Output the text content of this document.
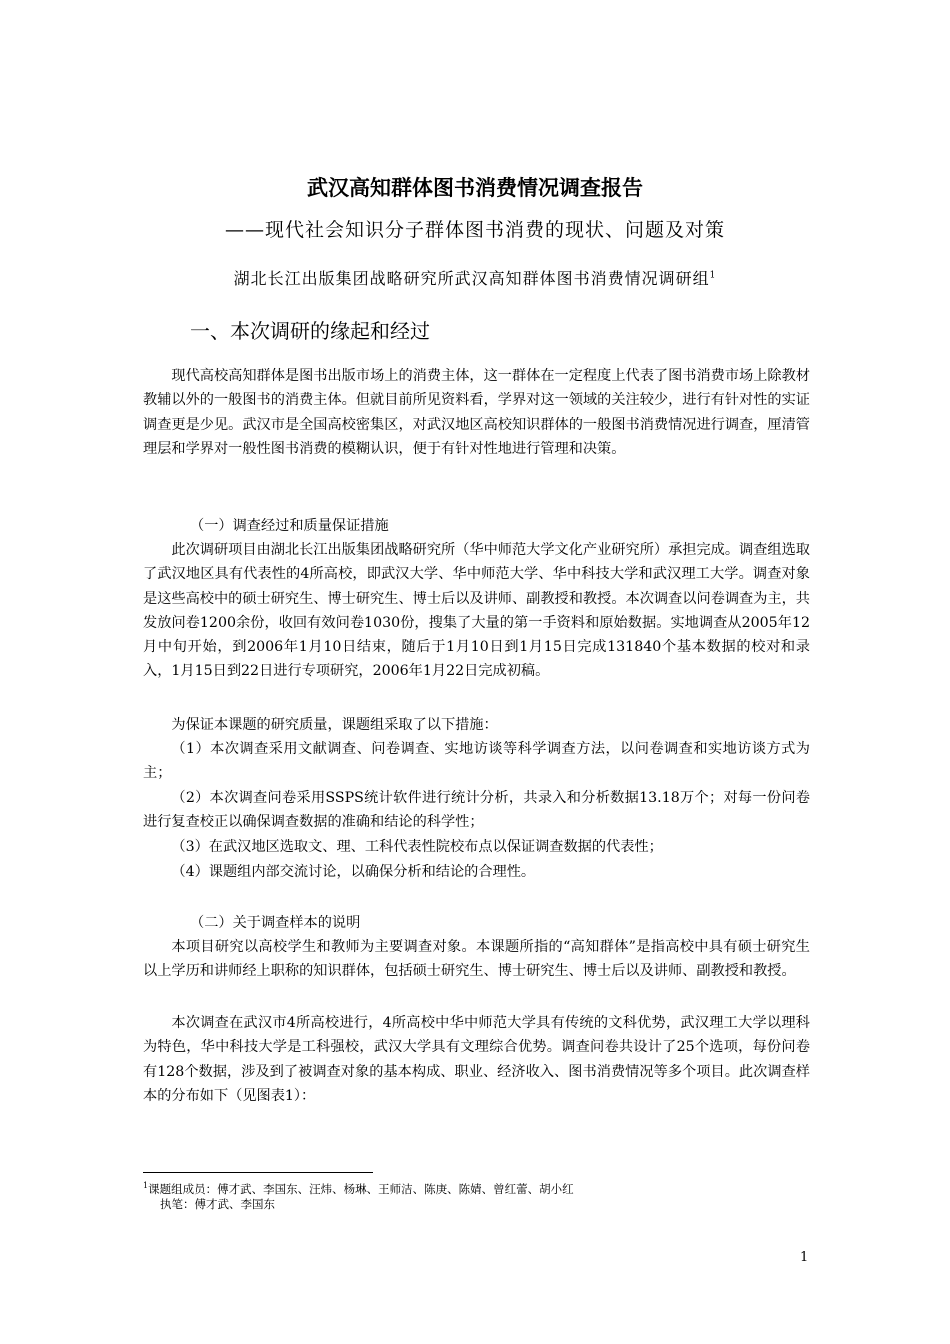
武汉高知群体图书消费情况调查报告
——现代社会知识分子群体图书消费的现状、问题及对策
湖北长江出版集团战略研究所武汉高知群体图书消费情况调研组$^1$
一、本次调研的缘起和经过
现代高校高知群体是图书出版市场上的消费主体，这一群体在一定程度上代表了图书消费市场上除教材教辅以外的一般图书的消费主体。但就目前所见资料看，学界对这一领域的关注较少，进行有针对性的实证调查更是少见。武汉市是全国高校密集区，对武汉地区高校知识群体的一般图书消费情况进行调查，厘清管理层和学界对一般性图书消费的模糊认识，便于有针对性地进行管理和决策。
（一）调查经过和质量保证措施
此次调研项目由湖北长江出版集团战略研究所（华中师范大学文化产业研究所）承担完成。调查组选取了武汉地区具有代表性的4所高校，即武汉大学、华中师范大学、华中科技大学和武汉理工大学。调查对象是这些高校中的硕士研究生、博士研究生、博士后以及讲师、副教授和教授。本次调查以问卷调查为主，共发放问卷1200余份，收回有效问卷1030份，搜集了大量的第一手资料和原始数据。实地调查从2005年12月中旬开始，到2006年1月10日结束，随后于1月10日到1月15日完成131840个基本数据的校对和录入，1月15日到22日进行专项研究，2006年1月22日完成初稿。
为保证本课题的研究质量，课题组采取了以下措施：
（1）本次调查采用文献调查、问卷调查、实地访谈等科学调查方法，以问卷调查和实地访谈方式为主；
（2）本次调查问卷采用SSPS统计软件进行统计分析，共录入和分析数据13.18万个；对每一份问卷进行复查校正以确保调查数据的准确和结论的科学性；
（3）在武汉地区选取文、理、工科代表性院校布点以保证调查数据的代表性；
（4）课题组内部交流讨论，以确保分析和结论的合理性。
（二）关于调查样本的说明
本项目研究以高校学生和教师为主要调查对象。本课题所指的“高知群体”是指高校中具有硕士研究生以上学历和讲师经上职称的知识群体，包括硕士研究生、博士研究生、博士后以及讲师、副教授和教授。
本次调查在武汉市4所高校进行，4所高校中华中师范大学具有传统的文科优势，武汉理工大学以理科为特色，华中科技大学是工科强校，武汉大学具有文理综合优势。调查问卷共设计了25个选项，每份问卷有128个数据，涉及到了被调查对象的基本构成、职业、经济收入、图书消费情况等多个项目。此次调查样本的分布如下（见图表1）：
$^1$课题组成员：傅才武、李国东、汪炜、杨琳、王师洁、陈庚、陈婧、曾红蕾、胡小红
执笔：傅才武、李国东
1
